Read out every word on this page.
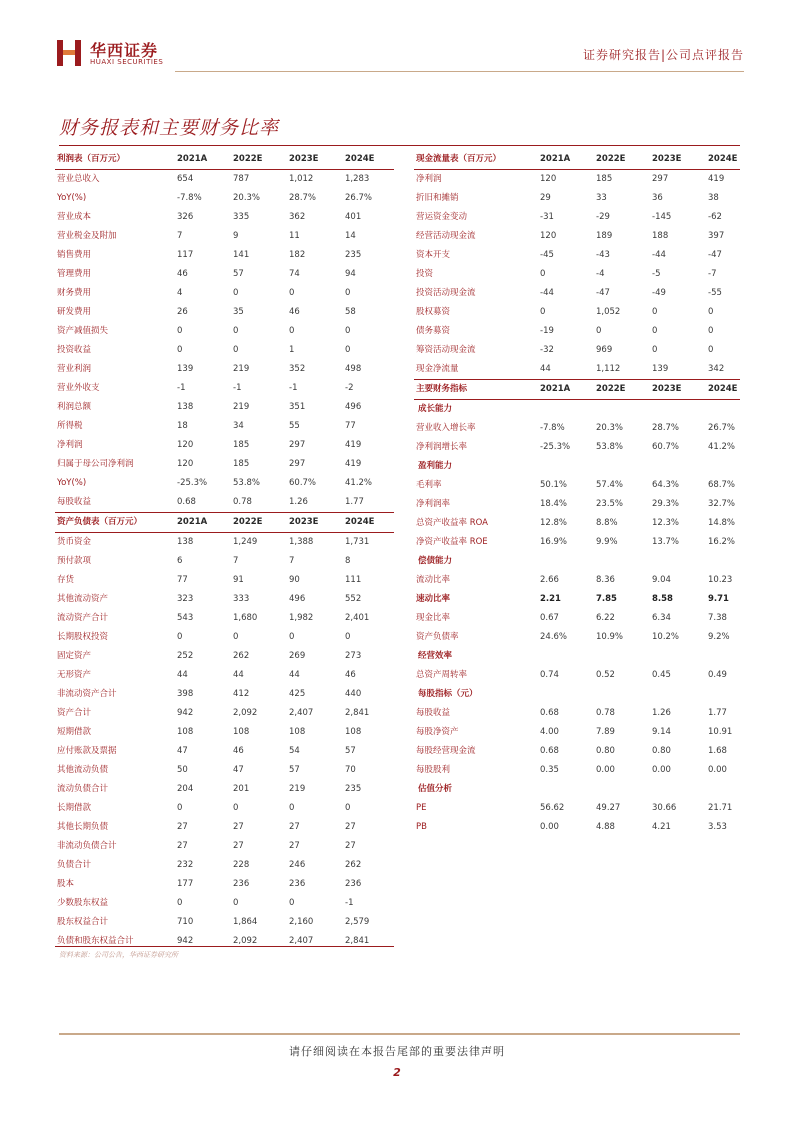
华西证券
HUAXI SECURITIES	证券研究报告|公司点评报告
财务报表和主要财务比率
利润表（百万元）	2021A	2022E	2023E	2024E
营业总收入	654	787	1,012	1,283
YoY(%)	-7.8%	20.3%	28.7%	26.7%
营业成本	326	335	362	401
营业税金及附加	7	9	11	14
销售费用	117	141	182	235
管理费用	46	57	74	94
财务费用	4	0	0	0
研发费用	26	35	46	58
资产减值损失	0	0	0	0
投资收益	0	0	1	0
营业利润	139	219	352	498
营业外收支	-1	-1	-1	-2
利润总额	138	219	351	496
所得税	18	34	55	77
净利润	120	185	297	419
归属于母公司净利润	120	185	297	419
YoY(%)	-25.3%	53.8%	60.7%	41.2%
每股收益	0.68	0.78	1.26	1.77
资产负债表（百万元）	2021A	2022E	2023E	2024E
货币资金	138	1,249	1,388	1,731
预付款项	6	7	7	8
存货	77	91	90	111
其他流动资产	323	333	496	552
流动资产合计	543	1,680	1,982	2,401
长期股权投资	0	0	0	0
固定资产	252	262	269	273
无形资产	44	44	44	46
非流动资产合计	398	412	425	440
资产合计	942	2,092	2,407	2,841
短期借款	108	108	108	108
应付账款及票据	47	46	54	57
其他流动负债	50	47	57	70
流动负债合计	204	201	219	235
长期借款	0	0	0	0
其他长期负债	27	27	27	27
非流动负债合计	27	27	27	27
负债合计	232	228	246	262
股本	177	236	236	236
少数股东权益	0	0	0	-1
股东权益合计	710	1,864	2,160	2,579
负债和股东权益合计	942	2,092	2,407	2,841
现金流量表（百万元）	2021A	2022E	2023E	2024E
净利润	120	185	297	419
折旧和摊销	29	33	36	38
营运资金变动	-31	-29	-145	-62
经营活动现金流	120	189	188	397
资本开支	-45	-43	-44	-47
投资	0	-4	-5	-7
投资活动现金流	-44	-47	-49	-55
股权募资	0	1,052	0	0
债务募资	-19	0	0	0
筹资活动现金流	-32	969	0	0
现金净流量	44	1,112	139	342
主要财务指标	2021A	2022E	2023E	2024E
成长能力
营业收入增长率	-7.8%	20.3%	28.7%	26.7%
净利润增长率	-25.3%	53.8%	60.7%	41.2%
盈利能力
毛利率	50.1%	57.4%	64.3%	68.7%
净利润率	18.4%	23.5%	29.3%	32.7%
总资产收益率 ROA	12.8%	8.8%	12.3%	14.8%
净资产收益率 ROE	16.9%	9.9%	13.7%	16.2%
偿债能力
流动比率	2.66	8.36	9.04	10.23
速动比率	2.21	7.85	8.58	9.71
现金比率	0.67	6.22	6.34	7.38
资产负债率	24.6%	10.9%	10.2%	9.2%
经营效率
总资产周转率	0.74	0.52	0.45	0.49
每股指标（元）
每股收益	0.68	0.78	1.26	1.77
每股净资产	4.00	7.89	9.14	10.91
每股经营现金流	0.68	0.80	0.80	1.68
每股股利	0.35	0.00	0.00	0.00
估值分析
PE	56.62	49.27	30.66	21.71
PB	0.00	4.88	4.21	3.53
资料来源：公司公告，华西证券研究所
请仔细阅读在本报告尾部的重要法律声明
2
